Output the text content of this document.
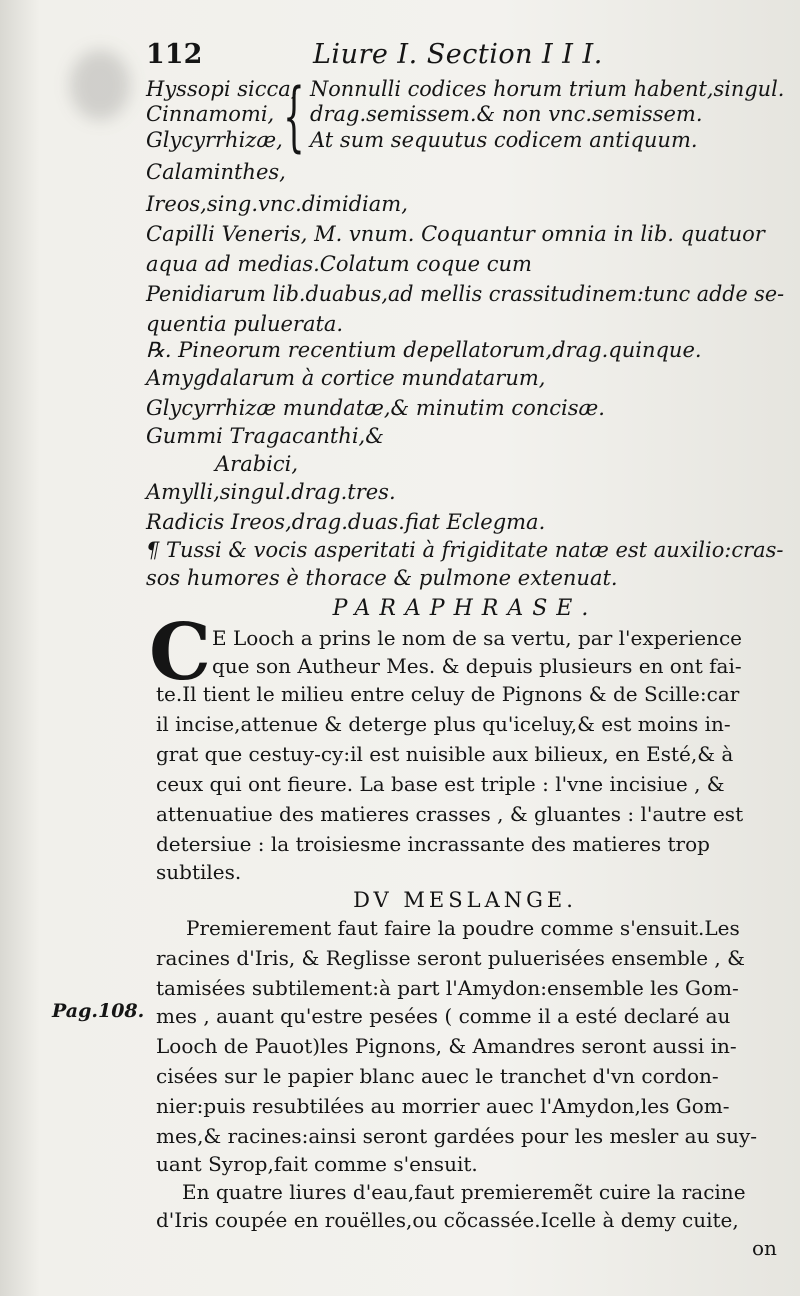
112	Liure I. Section I I I.
Hyssopi sicca,
Cinnamomi,
Glycyrrhizæ, { Nonnulli codices horum trium habent,singul.
drag.semissem.& non vnc.semissem.
At sum sequutus codicem antiquum.
Calaminthes,
Ireos,sing.vnc.dimidiam,
Capilli Veneris, M. vnum. Coquantur omnia in lib. quatuor
aqua ad medias.Colatum coque cum
Penidiarum lib.duabus,ad mellis crassitudinem:tunc adde se-
quentia puluerata.
℞. Pineorum recentium depellatorum,drag.quinque.
Amygdalarum à cortice mundatarum,
Glycyrrhizæ mundatæ,& minutim concisæ.
Gummi Tragacanthi,&
Arabici,
Amylli,singul.drag.tres.
Radicis Ireos,drag.duas.fiat Eclegma.
¶ Tussi & vocis asperitati à frigiditate natæ est auxilio:cras-
sos humores è thorace & pulmone extenuat.
PARAPHRASE.
C E Looch a prins le nom de sa vertu, par l'experience
que son Autheur Mes. & depuis plusieurs en ont fai-
te.Il tient le milieu entre celuy de Pignons & de Scille:car
il incise,attenue & deterge plus qu'iceluy,& est moins in-
grat que cestuy-cy:il est nuisible aux bilieux, en Esté,& à
ceux qui ont fieure. La base est triple : l'vne incisiue , &
attenuatiue des matieres crasses , & gluantes : l'autre est
detersiue : la troisiesme incrassante des matieres trop
subtiles.
DV MESLANGE.
Pag.108.
Premierement faut faire la poudre comme s'ensuit.Les
racines d'Iris, & Reglisse seront puluerisées ensemble , &
tamisées subtilement:à part l'Amydon:ensemble les Gom-
mes , auant qu'estre pesées ( comme il a esté declaré au
Looch de Pauot)les Pignons, & Amandres seront aussi in-
cisées sur le papier blanc auec le tranchet d'vn cordon-
nier:puis resubtilées au morrier auec l'Amydon,les Gom-
mes,& racines:ainsi seront gardées pour les mesler au suy-
uant Syrop,fait comme s'ensuit.
En quatre liures d'eau,faut premieremẽt cuire la racine
d'Iris coupée en rouëlles,ou cõcassée.Icelle à demy cuite,
on
